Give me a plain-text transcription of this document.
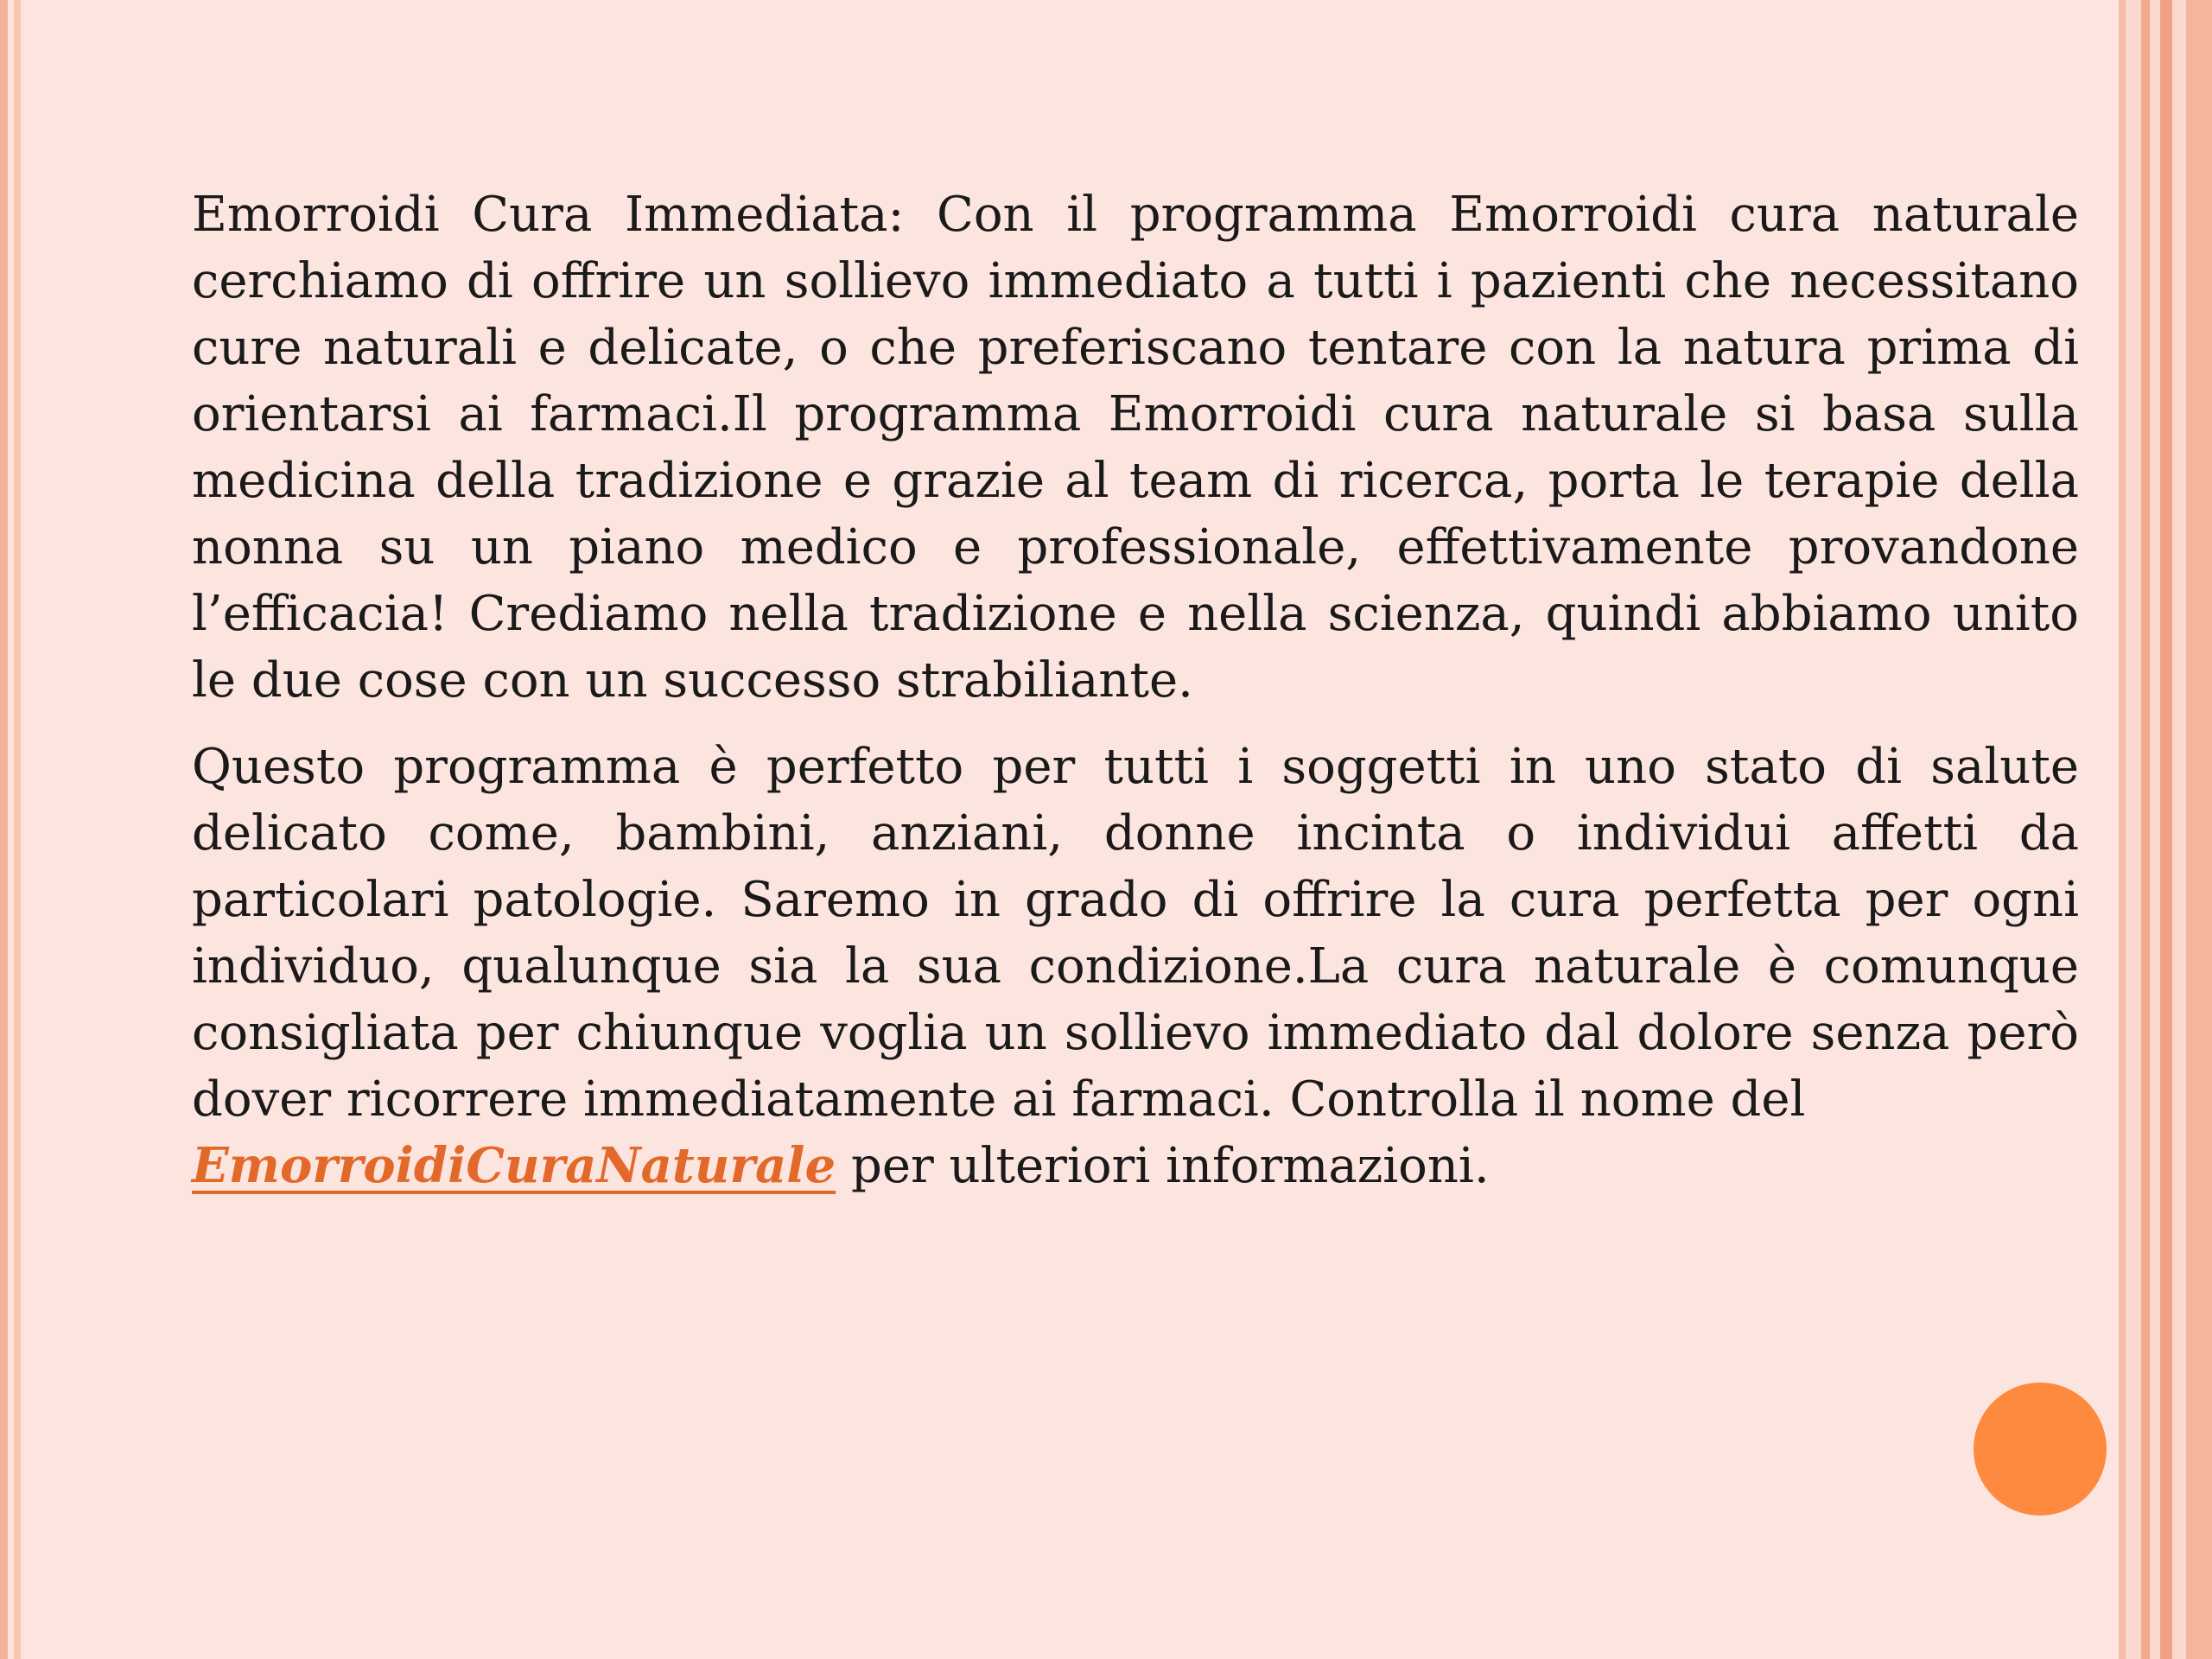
Emorroidi Cura Immediata: Con il programma Emorroidi cura naturale cerchiamo di offrire un sollievo immediato a tutti i pazienti che necessitano cure naturali e delicate, o che preferiscano tentare con la natura prima di orientarsi ai farmaci.Il programma Emorroidi cura naturale si basa sulla medicina della tradizione e grazie al team di ricerca, porta le terapie della nonna su un piano medico e professionale, effettivamente provandone l’efficacia! Crediamo nella tradizione e nella scienza, quindi abbiamo unito le due cose con un successo strabiliante.

Questo programma è perfetto per tutti i soggetti in uno stato di salute delicato come, bambini, anziani, donne incinta o individui affetti da particolari patologie. Saremo in grado di offrire la cura perfetta per ogni individuo, qualunque sia la sua condizione.La cura naturale è comunque consigliata per chiunque voglia un sollievo immediato dal dolore senza però dover ricorrere immediatamente ai farmaci. Controlla il nome del
EmorroidiCuraNaturale per ulteriori informazioni.
